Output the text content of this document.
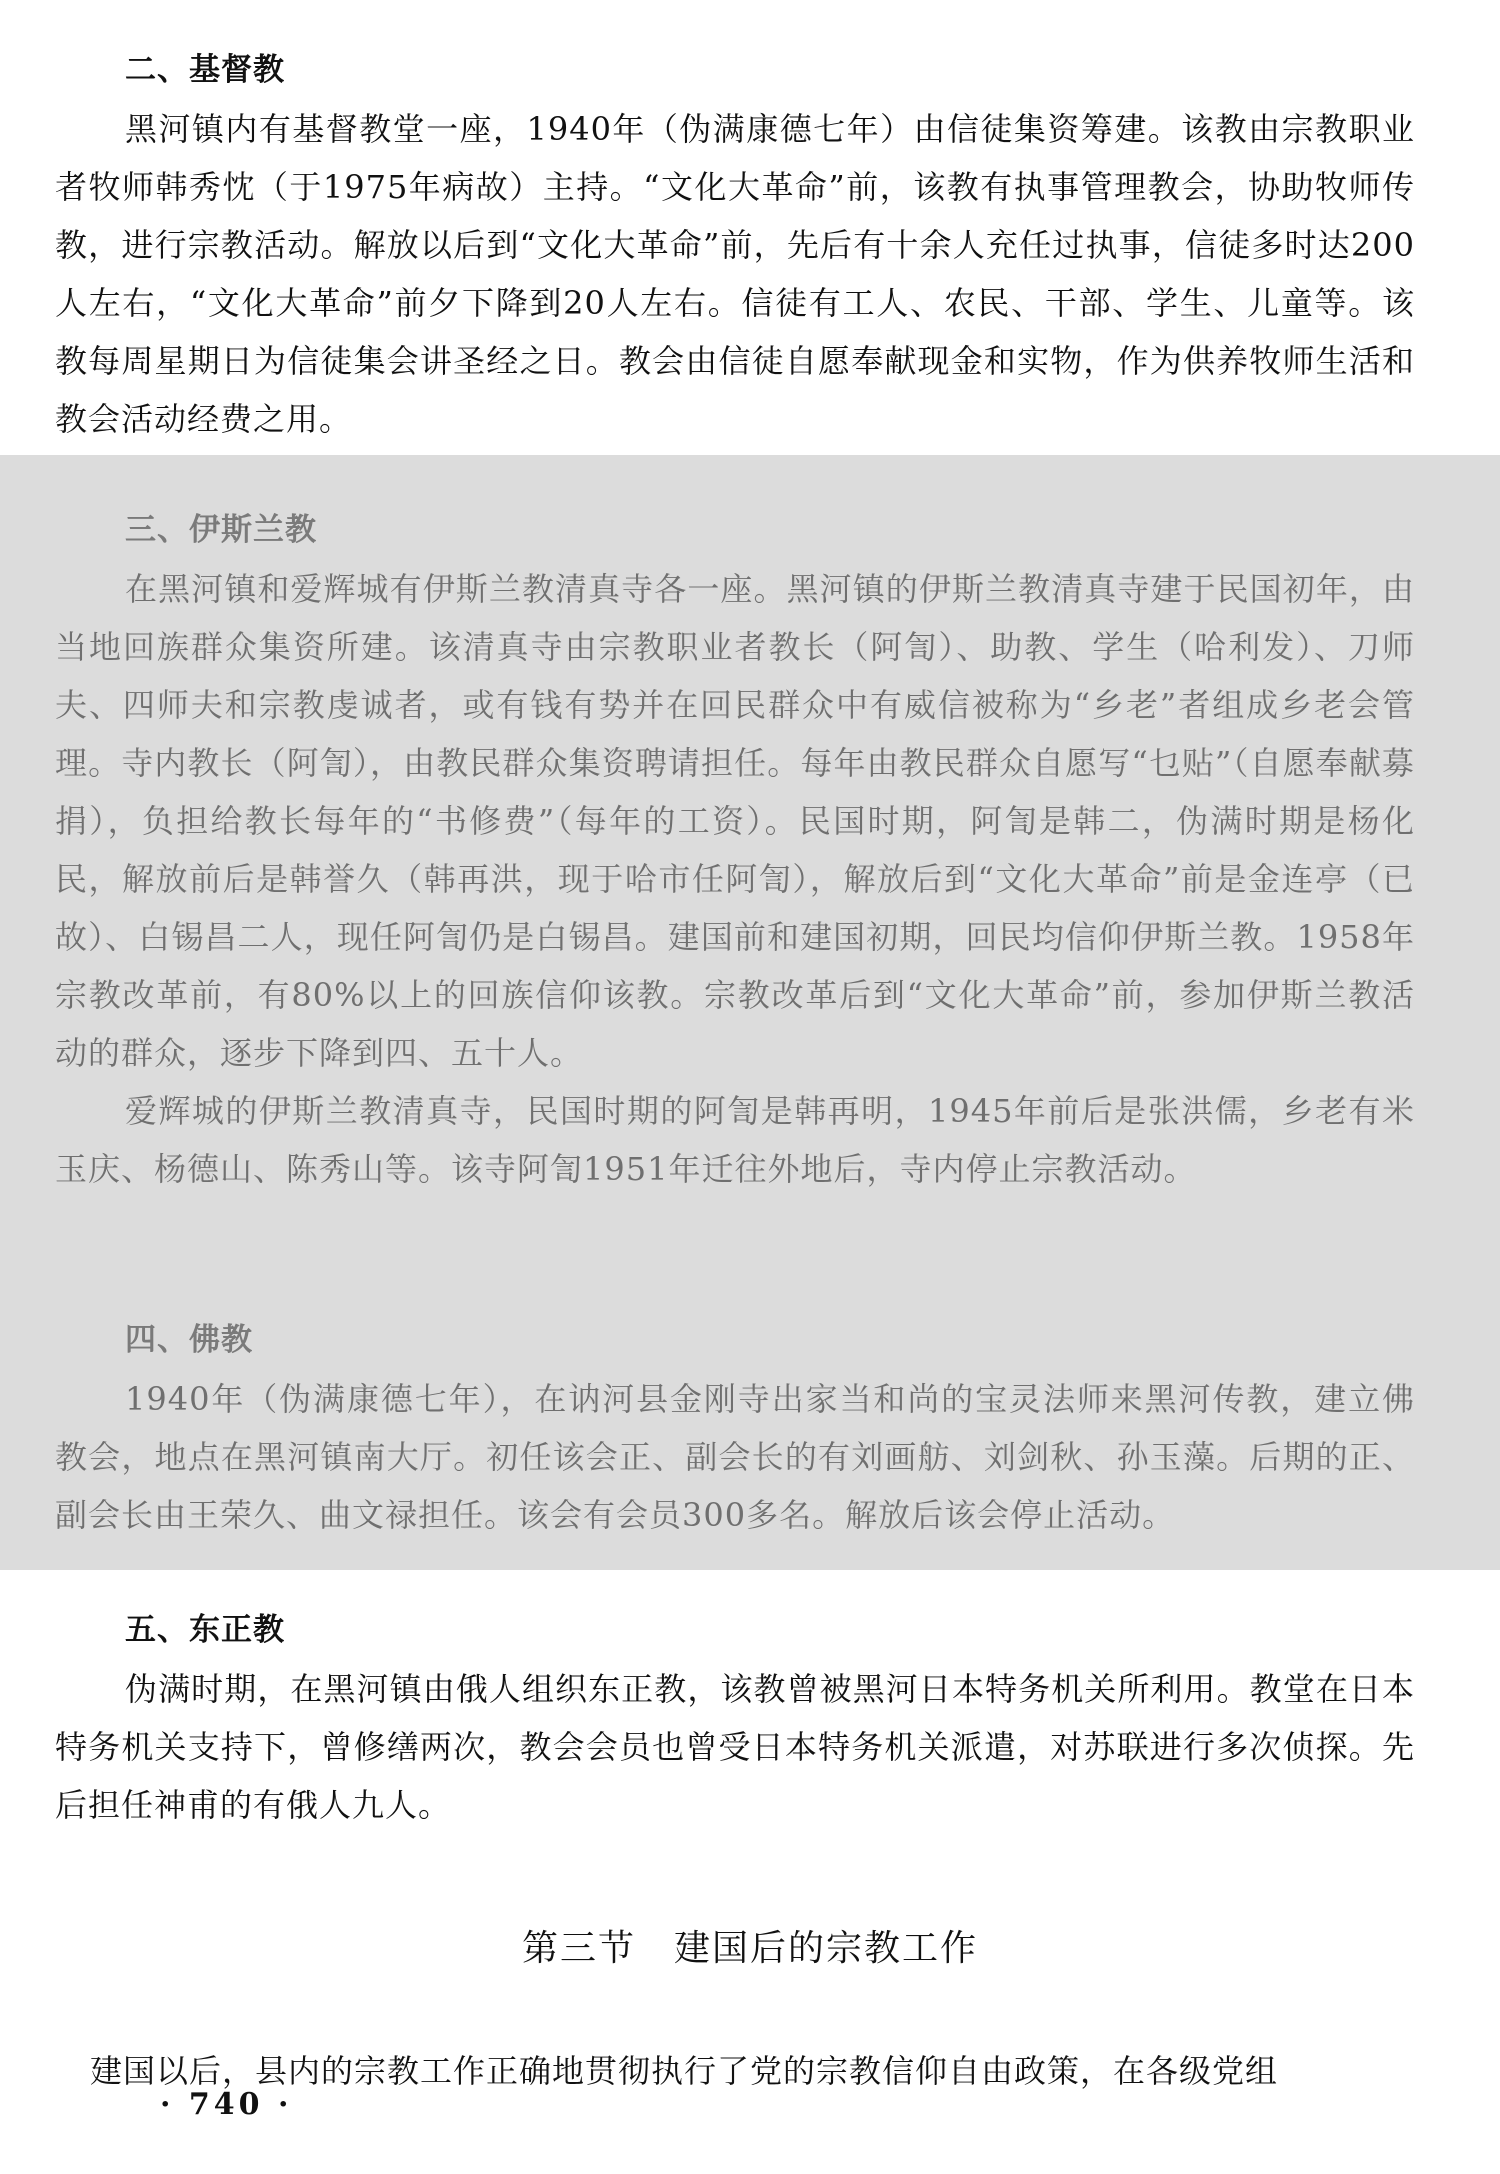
二、基督教

黑河镇内有基督教堂一座，1940年（伪满康德七年）由信徒集资筹建。该教由宗教职业者牧师韩秀忱（于1975年病故）主持。“文化大革命”前，该教有执事管理教会，协助牧师传教，进行宗教活动。解放以后到“文化大革命”前，先后有十余人充任过执事，信徒多时达200人左右，“文化大革命”前夕下降到20人左右。信徒有工人、农民、干部、学生、儿童等。该教每周星期日为信徒集会讲圣经之日。教会由信徒自愿奉献现金和实物，作为供养牧师生活和教会活动经费之用。

三、伊斯兰教

在黑河镇和爱辉城有伊斯兰教清真寺各一座。黑河镇的伊斯兰教清真寺建于民国初年，由当地回族群众集资所建。该清真寺由宗教职业者教长（阿訇）、助教、学生（哈利发）、刀师夫、四师夫和宗教虔诚者，或有钱有势并在回民群众中有威信被称为“乡老”者组成乡老会管理。寺内教长（阿訇），由教民群众集资聘请担任。每年由教民群众自愿写“乜贴”（自愿奉献募捐），负担给教长每年的“书修费”（每年的工资）。民国时期，阿訇是韩二，伪满时期是杨化民，解放前后是韩誉久（韩再洪，现于哈市任阿訇），解放后到“文化大革命”前是金连亭（已故）、白锡昌二人，现任阿訇仍是白锡昌。建国前和建国初期，回民均信仰伊斯兰教。1958年宗教改革前，有80%以上的回族信仰该教。宗教改革后到“文化大革命”前，参加伊斯兰教活动的群众，逐步下降到四、五十人。

爱辉城的伊斯兰教清真寺，民国时期的阿訇是韩再明，1945年前后是张洪儒，乡老有米玉庆、杨德山、陈秀山等。该寺阿訇1951年迁往外地后，寺内停止宗教活动。

四、佛教

1940年（伪满康德七年），在讷河县金刚寺出家当和尚的宝灵法师来黑河传教，建立佛教会，地点在黑河镇南大厅。初任该会正、副会长的有刘画舫、刘剑秋、孙玉藻。后期的正、副会长由王荣久、曲文禄担任。该会有会员300多名。解放后该会停止活动。

五、东正教

伪满时期，在黑河镇由俄人组织东正教，该教曾被黑河日本特务机关所利用。教堂在日本特务机关支持下，曾修缮两次，教会会员也曾受日本特务机关派遣，对苏联进行多次侦探。先后担任神甫的有俄人九人。

第三节　建国后的宗教工作

建国以后，县内的宗教工作正确地贯彻执行了党的宗教信仰自由政策，在各级党组

· 740 ·
